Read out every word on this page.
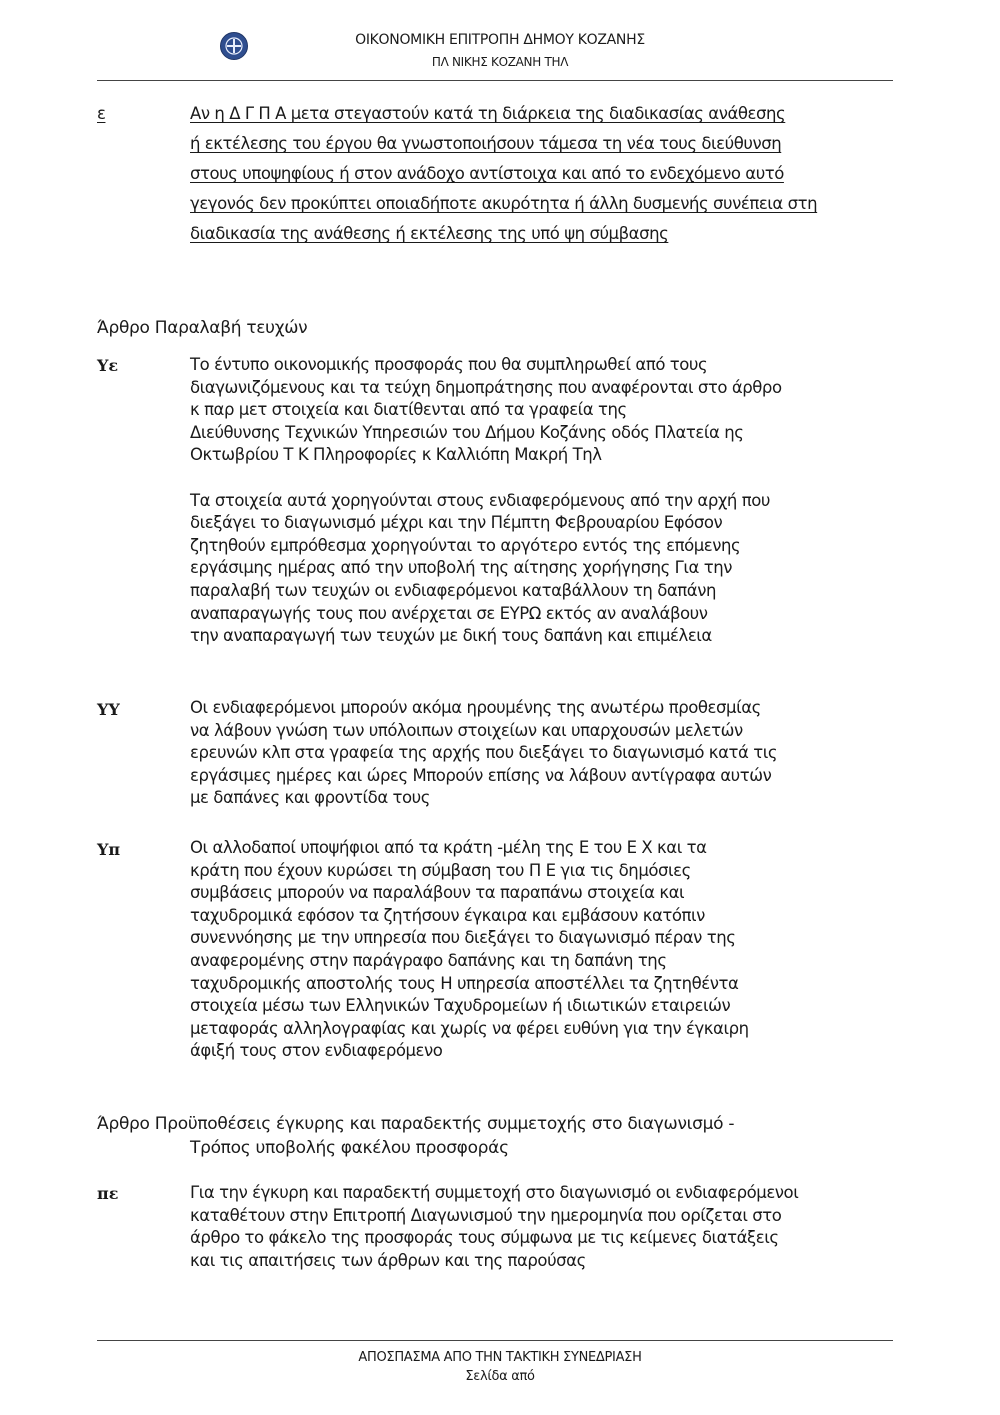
ΟΙΚΟΝΟΜΙΚΗ ΕΠΙΤΡΟΠΗ ΔΗΜΟΥ ΚΟΖΑΝΗΣ
ΠΛ ΝΙΚΗΣ ΚΟΖΑΝΗ ΤΗΛ
ε	Αν η Δ Γ Π Α μετα στεγαστούν κατά τη διάρκεια της διαδικασίας ανάθεσης
ή εκτέλεσης του έργου θα γνωστοποιήσουν τάμεσα τη νέα τους διεύθυνση
στους υποψηφίους ή στον ανάδοχο αντίστοιχα και από το ενδεχόμενο αυτό
γεγονός δεν προκύπτει οποιαδήποτε ακυρότητα ή άλλη δυσμενής συνέπεια στη
διαδικασία της ανάθεσης ή εκτέλεσης της υπό ψη σύμβασης
Άρθρο Παραλαβή τευχών
Υε	Το έντυπο οικονομικής προσφοράς που θα συμπληρωθεί από τους
διαγωνιζόμενους και τα τεύχη δημοπράτησης που αναφέρονται στο άρθρο
κ παρ μετ στοιχεία και διατίθενται από τα γραφεία της
Διεύθυνσης Τεχνικών Υπηρεσιών του Δήμου Κοζάνης οδός Πλατεία ης
Οκτωβρίου Τ Κ Πληροφορίες κ Καλλιόπη Μακρή Τηλ

Τα στοιχεία αυτά χορηγούνται στους ενδιαφερόμενους από την αρχή που
διεξάγει το διαγωνισμό μέχρι και την Πέμπτη Φεβρουαρίου Εφόσον
ζητηθούν εμπρόθεσμα χορηγούνται το αργότερο εντός της επόμενης
εργάσιμης ημέρας από την υποβολή της αίτησης χορήγησης Για την
παραλαβή των τευχών οι ενδιαφερόμενοι καταβάλλουν τη δαπάνη
αναπαραγωγής τους που ανέρχεται σε ΕΥΡΩ εκτός αν αναλάβουν
την αναπαραγωγή των τευχών με δική τους δαπάνη και επιμέλεια
ΥΥ	Οι ενδιαφερόμενοι μπορούν ακόμα ηρουμένης της ανωτέρω προθεσμίας
να λάβουν γνώση των υπόλοιπων στοιχείων και υπαρχουσών μελετών
ερευνών κλπ στα γραφεία της αρχής που διεξάγει το διαγωνισμό κατά τις
εργάσιμες ημέρες και ώρες Μπορούν επίσης να λάβουν αντίγραφα αυτών
με δαπάνες και φροντίδα τους
Υπ	Οι αλλοδαποί υποψήφιοι από τα κράτη -μέλη της Ε του Ε Χ και τα
κράτη που έχουν κυρώσει τη σύμβαση του Π Ε για τις δημόσιες
συμβάσεις μπορούν να παραλάβουν τα παραπάνω στοιχεία και
ταχυδρομικά εφόσον τα ζητήσουν έγκαιρα και εμβάσουν κατόπιν
συνεννόησης με την υπηρεσία που διεξάγει το διαγωνισμό πέραν της
αναφερομένης στην παράγραφο δαπάνης και τη δαπάνη της
ταχυδρομικής αποστολής τους Η υπηρεσία αποστέλλει τα ζητηθέντα
στοιχεία μέσω των Ελληνικών Ταχυδρομείων ή ιδιωτικών εταιρειών
μεταφοράς αλληλογραφίας και χωρίς να φέρει ευθύνη για την έγκαιρη
άφιξή τους στον ενδιαφερόμενο
Άρθρο Προϋποθέσεις έγκυρης και παραδεκτής συμμετοχής στο διαγωνισμό -
Τρόπος υποβολής φακέλου προσφοράς
πε	Για την έγκυρη και παραδεκτή συμμετοχή στο διαγωνισμό οι ενδιαφερόμενοι
καταθέτουν στην Επιτροπή Διαγωνισμού την ημερομηνία που ορίζεται στο
άρθρο το φάκελο της προσφοράς τους σύμφωνα με τις κείμενες διατάξεις
και τις απαιτήσεις των άρθρων και της παρούσας
ΑΠΟΣΠΑΣΜΑ ΑΠΟ ΤΗΝ ΤΑΚΤΙΚΗ ΣΥΝΕΔΡΙΑΣΗ
Σελίδα από
